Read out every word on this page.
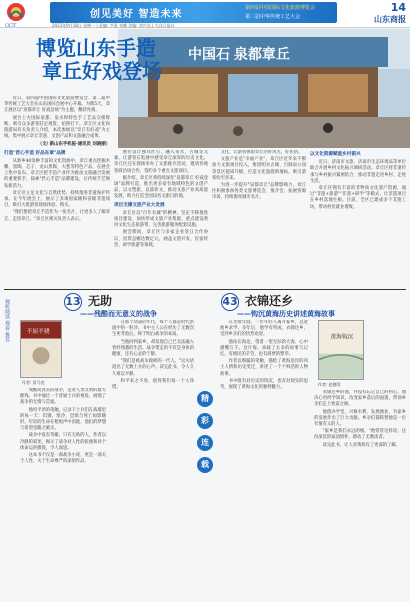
CICTF
创见美好 智造未来
第四届中国国际文化旅游博览会
第二届中华传统工艺大会
2023年9月18日 星期一 | 责编: 尹嘉 刘娜 美编: 刘兴光 | 大众日报社
14
山东商报
中国石 泉都章丘
博览山东手造
章丘好戏登场

近日，第四届中国国际文化旅游博览会、第二届中华传统工艺大会在山东国际会展中心开幕。为期5天，章丘展区以"泉都章丘 好戏登场"为主题，精彩亮相。

展台上方国际泉都、泉水和特色手工艺品交相辉映，吸引众多游客驻足观赏、拍照打卡。章丘区文化和旅游局有关负责人介绍，本次参展以"章丘有好戏"为主线，集中展示章丘非遗、文创产品和文旅融合成果。

（文/ 新山东手机报·通讯员 刘晓丽）
打造"匠心手造 好品在章"品牌

从新乡40余种丰富的文化资源中，章丘重点挖掘木雕、黑陶、芯子、龙山黑陶、大葱等特色产品，在展会上集中发布。章丘区把手造产业作为推动文旅融合发展的重要抓手，探索"匠心手造"品牌建设，让传统手艺焕发新活力。

章丘区立足文化与自然优势，持续推进非遗保护传承。在今年展会上，展示了多项国家级和省级非遗项目，吸引大批游客现场体验、购买。

"我们要把章丘手造作为一张名片，让更多人了解章丘、走进章丘。"章丘区相关负责人表示。

展位设计独具匠心，融入泉水、古城等元素，让游客在逛展中感受章丘深厚的历史文化。章丘区还在现场举办了文旅推介活动，邀请各地客商洽谈合作，签约多个重点文旅项目。

据介绍，章丘区将持续深化"泉都章丘 好戏登场"品牌打造，推出更多富有地域特色的文创产品，以文塑旅、以旅彰文，推动文旅产业高质量发展，助力打造全国知名文旅目的地。

项目支撑文旅产业大发展

章丘区以"百年名城"的精神，坚定不移推进项目建设，加快形成文旅产业集群，重点建设黄河文化生态旅游带，完善旅游服务配套设施。

展会期间，章丘区与多家企业签订合作协议，投资总额达数亿元，涵盖文创开发、民宿经营、研学旅游等领域。

文化，让游客体验章丘的好风光、好民俗。

文旅产业是"幸福产业"。章丘区近年来不断加大文旅项目投入，推进明水古城、百脉泉公园等景区提质升级，打造文化旅游新地标，吸引游客纷至沓来。

为进一步提升"泉都章丘"品牌影响力，章丘区积极参加各类文旅博览会、推介会，拓展客源市场，持续擦亮城市名片。

以文化资源赋能乡村振兴

近日，济南市文旅、济南市生态环境局等单位联合开展乡村文化振兴调研活动。章丘区将非遗传承与乡村振兴紧密结合，推动非遗走进乡村、走进生活。

章丘区拥有丰富的非物质文化遗产资源，通过"非遗+旅游""非遗+研学"等模式，让非遗项目在乡村落地生根。目前，全区已建成多个非遗工坊，带动村民就业增收。

视听阅读 观看 推荐	13 无助
——残酷而无意义的战争
不屈不挠
作者: 雷马克

残酷而真实的战争，是对人类文明的最大摧残。书中通过一个普通士兵的视角，展现了战争的无情与荒诞。

他用平淡的笔触，记录下士兵们在战壕里的每一天：饥饿、寒冷、恐惧与死亡如影随形。年轻的生命在枪炮声中消逝，他们的梦想与希望也随之破灭。

战争中没有英雄，只有无助的人。作者以冷静的叙述，揭示了战争对人性的扭曲和对个体命运的摧毁，令人深思。

这本书不仅是一部战争小说，更是一部关于人性、关于生命尊严的深刻作品。

在那个动荡的年代，每个人都是时代洪流中的一粒沙。书中主人公在经历了无数次生死考验后，终于明白战争的本质。

当他回到家乡，却发现自己已无法融入曾经熟悉的生活。战争带走的不仅是身体的健康，还有心灵的宁静。

"我们是被战争毁掉的一代人。"这句话道出了无数士兵的心声。读完此书，令人久久难以平静。

和平来之不易，值得我们每一个人珍惜。

精
彩
连
载
43 衣锦还乡
——钩沉黄海历史讲述黄海故事

在光绪年间，一位年轻人离开家乡，远赴他乡求学。多年后，他学有所成，衣锦还乡，受到乡亲们的热烈欢迎。

他站在海边，望着一望无际的大海，心中感慨万千。这片海，承载了太多的故事与记忆，有渔民的辛劳，也有商贾的繁华。

作者以细腻的笔触，描绘了黄海沿岸的风土人情和历史变迁，讲述了一个个鲜活的人物故事。

书中既有对历史的钩沉，也有对现实的思考，展现了黄海文化的独特魅力。

黄海钩沉
作者: 赵德发

衣锦还乡的他，并没有忘记自己的初心。他决心用所学知识，改变家乡落后的面貌，带领乡亲们走上致富之路。

他创办学堂，兴修水利，发展渔业，为家乡的发展作出了巨大贡献。乡亲们都称赞他是一位有情有义的人。

"家乡是我们永远的根。"他常常这样说。这份深沉的家国情怀，感动了无数读者。

读完此书，让人对黄海有了更深的了解。
